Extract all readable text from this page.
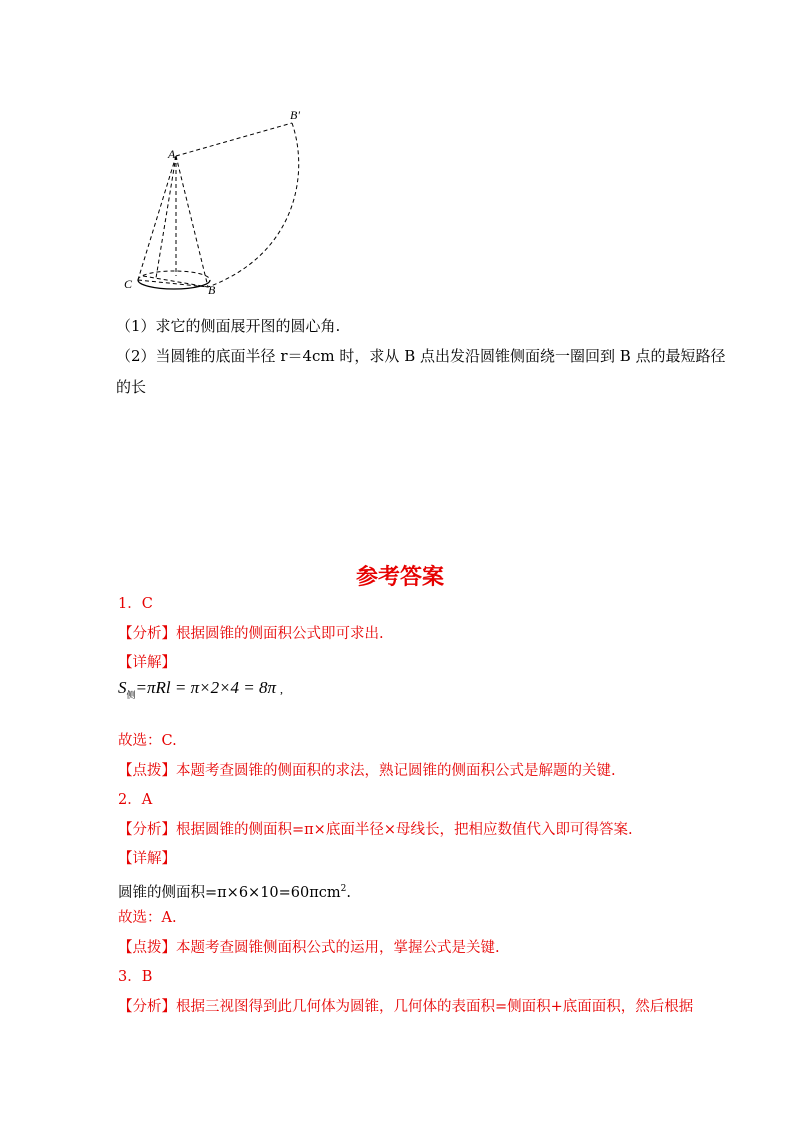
A
B'
C	B
（1）求它的侧面展开图的圆心角.
（2）当圆锥的底面半径 r＝4cm 时，求从 B 点出发沿圆锥侧面绕一圈回到 B 点的最短路径
的长
参考答案
1．C
【分析】根据圆锥的侧面积公式即可求出.
【详解】
$S_侧=\pi Rl = \pi\times 2\times 4 = 8\pi$ ,
故选：C.
【点拨】本题考查圆锥的侧面积的求法，熟记圆锥的侧面积公式是解题的关键.
2．A
【分析】根据圆锥的侧面积=π×底面半径×母线长，把相应数值代入即可得答案.
【详解】
圆锥的侧面积=π×6×10=60πcm$^2$.
故选：A.
【点拨】本题考查圆锥侧面积公式的运用，掌握公式是关键.
3．B
【分析】根据三视图得到此几何体为圆锥，几何体的表面积=侧面积+底面面积，然后根据
